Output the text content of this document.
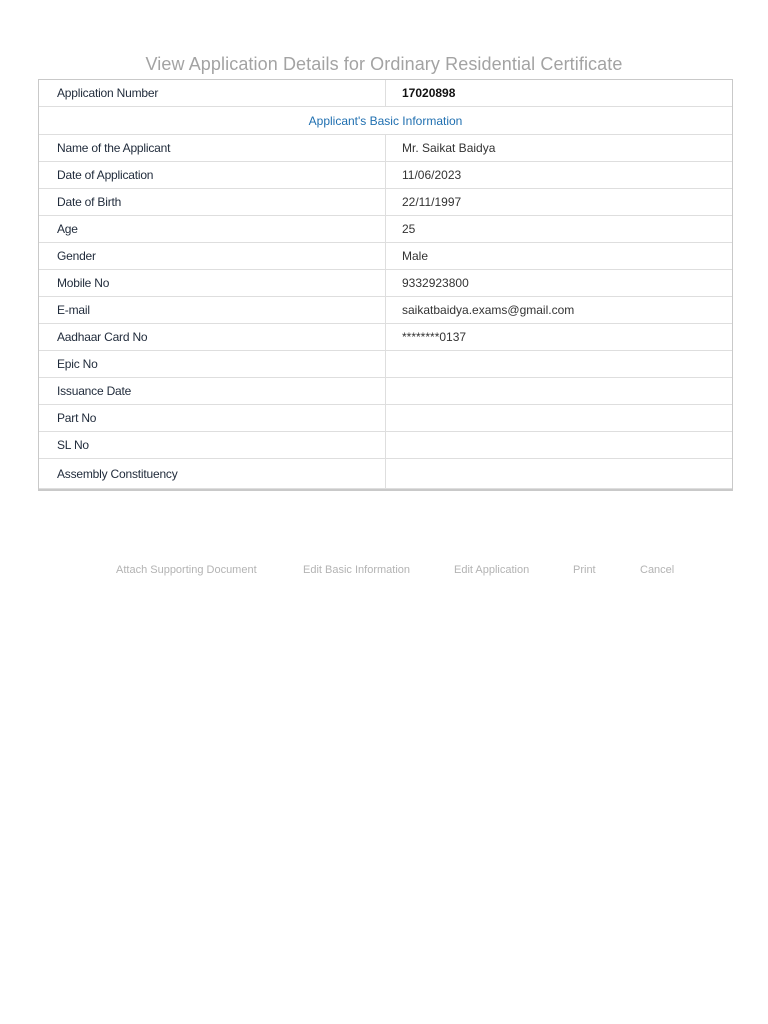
View Application Details for Ordinary Residential Certificate
Application Number	17020898
Applicant's Basic Information
Name of the Applicant	Mr. Saikat Baidya
Date of Application	11/06/2023
Date of Birth	22/11/1997
Age	25
Gender	Male
Mobile No	9332923800
E-mail	saikatbaidya.exams@gmail.com
Aadhaar Card No	********0137
Epic No
Issuance Date
Part No
SL No
Assembly Constituency
Attach Supporting Document	Edit Basic Information	Edit Application	Print	Cancel
